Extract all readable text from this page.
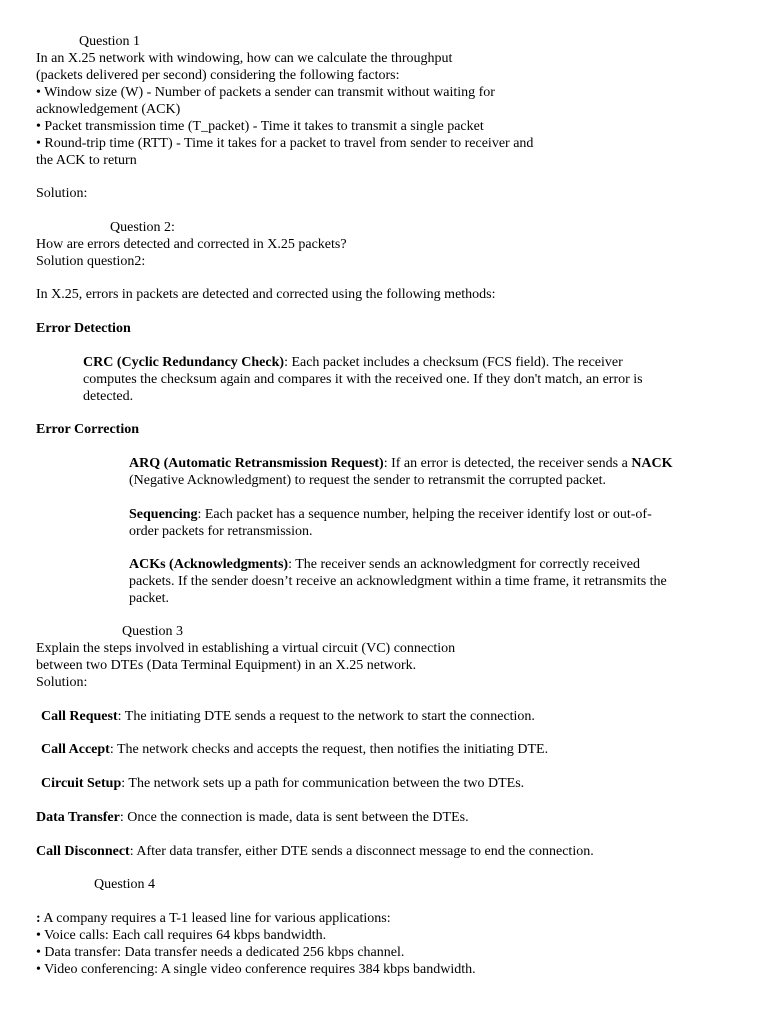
Question 1
In an X.25 network with windowing, how can we calculate the throughput
(packets delivered per second) considering the following factors:
• Window size (W) - Number of packets a sender can transmit without waiting for
acknowledgement (ACK)
• Packet transmission time (T_packet) - Time it takes to transmit a single packet
• Round-trip time (RTT) - Time it takes for a packet to travel from sender to receiver and
the ACK to return
Solution:
Question 2:
How are errors detected and corrected in X.25 packets?
Solution question2:
In X.25, errors in packets are detected and corrected using the following methods:
Error Detection
CRC (Cyclic Redundancy Check): Each packet includes a checksum (FCS field). The receiver
computes the checksum again and compares it with the received one. If they don't match, an error is
detected.
Error Correction
ARQ (Automatic Retransmission Request): If an error is detected, the receiver sends a NACK
(Negative Acknowledgment) to request the sender to retransmit the corrupted packet.
Sequencing: Each packet has a sequence number, helping the receiver identify lost or out-of-
order packets for retransmission.
ACKs (Acknowledgments): The receiver sends an acknowledgment for correctly received
packets. If the sender doesn’t receive an acknowledgment within a time frame, it retransmits the
packet.
Question 3
Explain the steps involved in establishing a virtual circuit (VC) connection
between two DTEs (Data Terminal Equipment) in an X.25 network.
Solution:
Call Request: The initiating DTE sends a request to the network to start the connection.
Call Accept: The network checks and accepts the request, then notifies the initiating DTE.
Circuit Setup: The network sets up a path for communication between the two DTEs.
Data Transfer: Once the connection is made, data is sent between the DTEs.
Call Disconnect: After data transfer, either DTE sends a disconnect message to end the connection.
Question 4
: A company requires a T-1 leased line for various applications:
• Voice calls: Each call requires 64 kbps bandwidth.
• Data transfer: Data transfer needs a dedicated 256 kbps channel.
• Video conferencing: A single video conference requires 384 kbps bandwidth.
